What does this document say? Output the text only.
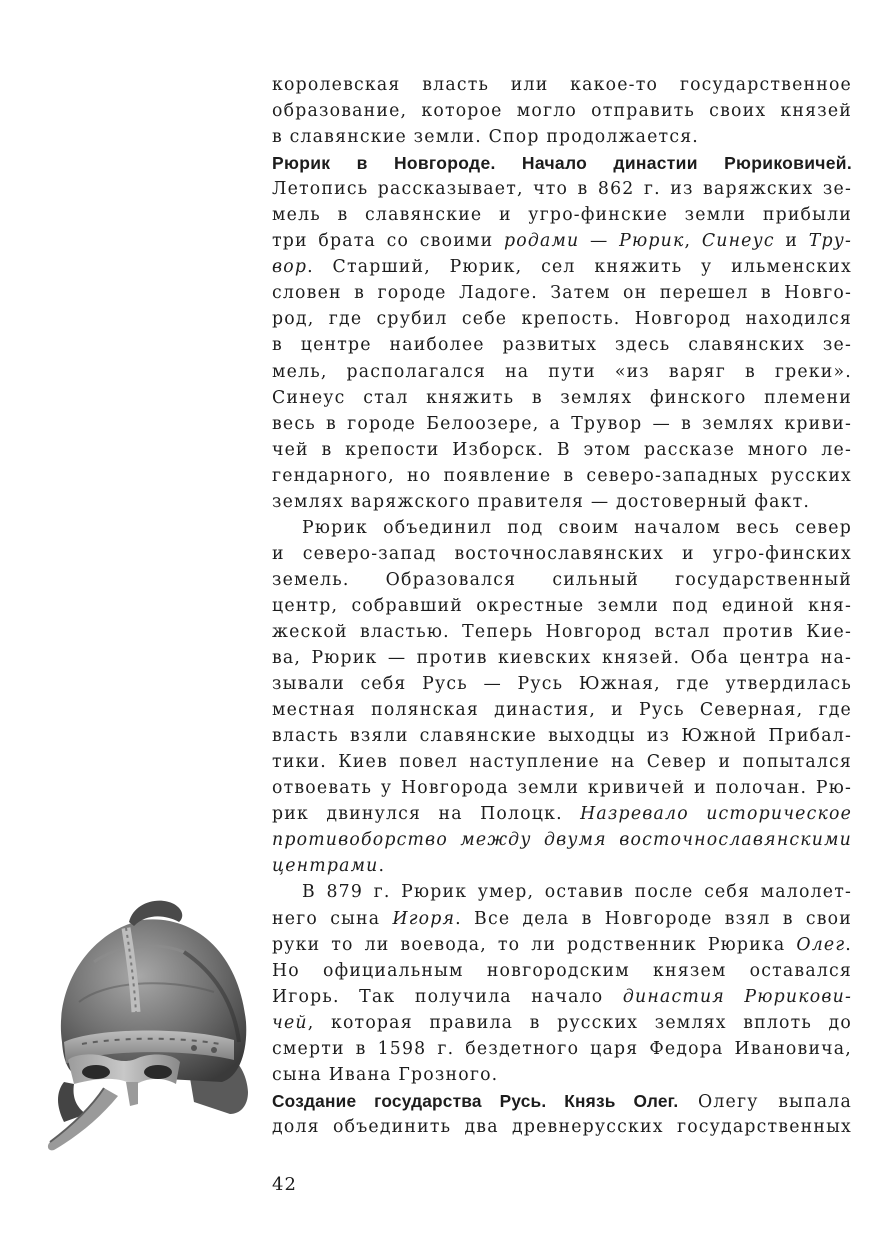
королевская власть или какое-то государственное
образование, которое могло отправить своих князей
в славянские земли. Спор продолжается.
Рюрик в Новгороде. Начало династии Рюриковичей.
Летопись рассказывает, что в 862 г. из варяжских зе-
мель в славянские и угро-финские земли прибыли
три брата со своими родами — Рюрик, Синеус и Тру-
вор. Старший, Рюрик, сел княжить у ильменских
словен в городе Ладоге. Затем он перешел в Новго-
род, где срубил себе крепость. Новгород находился
в центре наиболее развитых здесь славянских зе-
мель, располагался на пути «из варяг в греки».
Синеус стал княжить в землях финского племени
весь в городе Белоозере, а Трувор — в землях криви-
чей в крепости Изборск. В этом рассказе много ле-
гендарного, но появление в северо-западных русских
землях варяжского правителя — достоверный факт.
Рюрик объединил под своим началом весь север
и северо-запад восточнославянских и угро-финских
земель. Образовался сильный государственный
центр, собравший окрестные земли под единой кня-
жеской властью. Теперь Новгород встал против Кие-
ва, Рюрик — против киевских князей. Оба центра на-
зывали себя Русь — Русь Южная, где утвердилась
местная полянская династия, и Русь Северная, где
власть взяли славянские выходцы из Южной Прибал-
тики. Киев повел наступление на Север и попытался
отвоевать у Новгорода земли кривичей и полочан. Рю-
рик двинулся на Полоцк. Назревало историческое
противоборство между двумя восточнославянскими
центрами.
В 879 г. Рюрик умер, оставив после себя малолет-
него сына Игоря. Все дела в Новгороде взял в свои
руки то ли воевода, то ли родственник Рюрика Олег.
Но официальным новгородским князем оставался
Игорь. Так получила начало династия Рюрикови-
чей, которая правила в русских землях вплоть до
смерти в 1598 г. бездетного царя Федора Ивановича,
сына Ивана Грозного.
Создание государства Русь. Князь Олег. Олегу выпала
доля объединить два древнерусских государственных
42
